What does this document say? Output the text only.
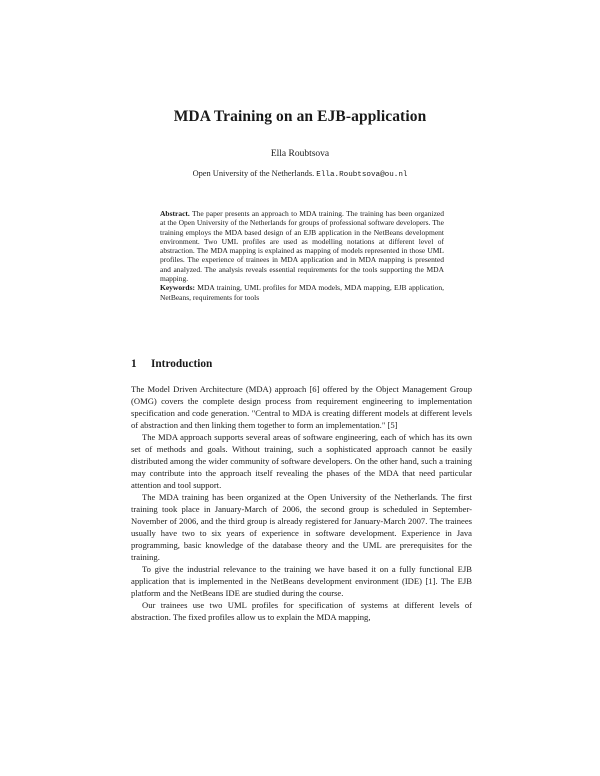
MDA Training on an EJB-application
Ella Roubtsova
Open University of the Netherlands. Ella.Roubtsova@ou.nl

Abstract. The paper presents an approach to MDA training. The training has been organized at the Open University of the Netherlands for groups of professional software developers. The training employs the MDA based design of an EJB application in the NetBeans development environment. Two UML profiles are used as modelling notations at different level of abstraction. The MDA mapping is explained as mapping of models represented in those UML profiles. The experience of trainees in MDA application and in MDA mapping is presented and analyzed. The analysis reveals essential requirements for the tools supporting the MDA mapping.

Keywords: MDA training, UML profiles for MDA models, MDA mapping, EJB application, NetBeans, requirements for tools

1 Introduction

The Model Driven Architecture (MDA) approach [6] offered by the Object Management Group (OMG) covers the complete design process from requirement engineering to implementation specification and code generation. "Central to MDA is creating different models at different levels of abstraction and then linking them together to form an implementation." [5]

The MDA approach supports several areas of software engineering, each of which has its own set of methods and goals. Without training, such a sophisticated approach cannot be easily distributed among the wider community of software developers. On the other hand, such a training may contribute into the approach itself revealing the phases of the MDA that need particular attention and tool support.

The MDA training has been organized at the Open University of the Netherlands. The first training took place in January-March of 2006, the second group is scheduled in September-November of 2006, and the third group is already registered for January-March 2007. The trainees usually have two to six years of experience in software development. Experience in Java programming, basic knowledge of the database theory and the UML are prerequisites for the training.

To give the industrial relevance to the training we have based it on a fully functional EJB application that is implemented in the NetBeans development environment (IDE) [1]. The EJB platform and the NetBeans IDE are studied during the course.

Our trainees use two UML profiles for specification of systems at different levels of abstraction. The fixed profiles allow us to explain the MDA mapping,
